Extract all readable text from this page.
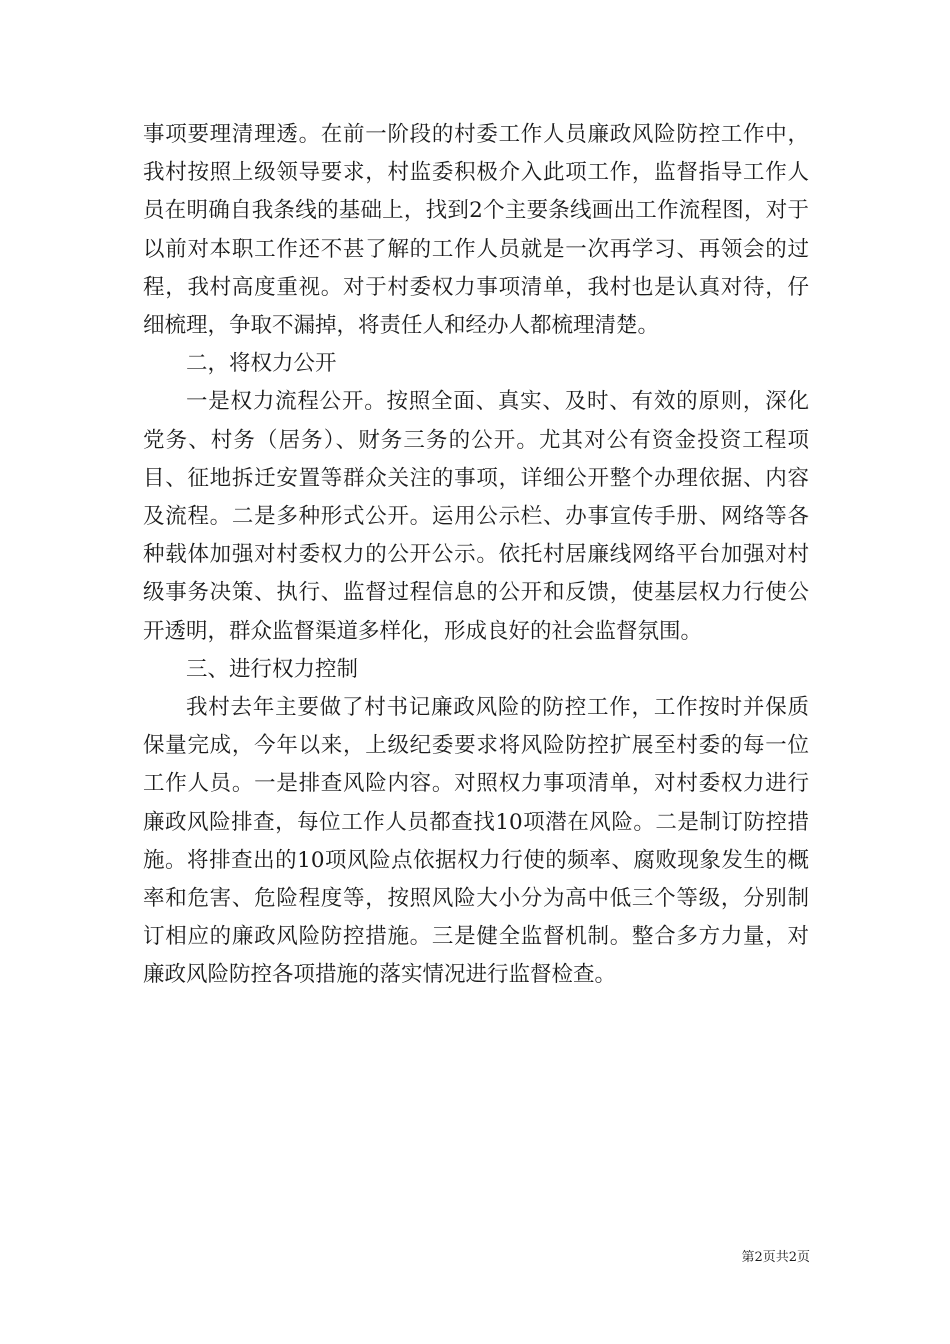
事项要理清理透。在前一阶段的村委工作人员廉政风险防控工作中，我村按照上级领导要求，村监委积极介入此项工作，监督指导工作人员在明确自我条线的基础上，找到2个主要条线画出工作流程图，对于以前对本职工作还不甚了解的工作人员就是一次再学习、再领会的过程，我村高度重视。对于村委权力事项清单，我村也是认真对待，仔细梳理，争取不漏掉，将责任人和经办人都梳理清楚。

二，将权力公开

一是权力流程公开。按照全面、真实、及时、有效的原则，深化党务、村务（居务）、财务三务的公开。尤其对公有资金投资工程项目、征地拆迁安置等群众关注的事项，详细公开整个办理依据、内容及流程。二是多种形式公开。运用公示栏、办事宣传手册、网络等各种载体加强对村委权力的公开公示。依托村居廉线网络平台加强对村级事务决策、执行、监督过程信息的公开和反馈，使基层权力行使公开透明，群众监督渠道多样化，形成良好的社会监督氛围。

三、进行权力控制

我村去年主要做了村书记廉政风险的防控工作，工作按时并保质保量完成，今年以来，上级纪委要求将风险防控扩展至村委的每一位工作人员。一是排查风险内容。对照权力事项清单，对村委权力进行廉政风险排查，每位工作人员都查找10项潜在风险。二是制订防控措施。将排查出的10项风险点依据权力行使的频率、腐败现象发生的概率和危害、危险程度等，按照风险大小分为高中低三个等级，分别制订相应的廉政风险防控措施。三是健全监督机制。整合多方力量，对廉政风险防控各项措施的落实情况进行监督检查。

第2页共2页
